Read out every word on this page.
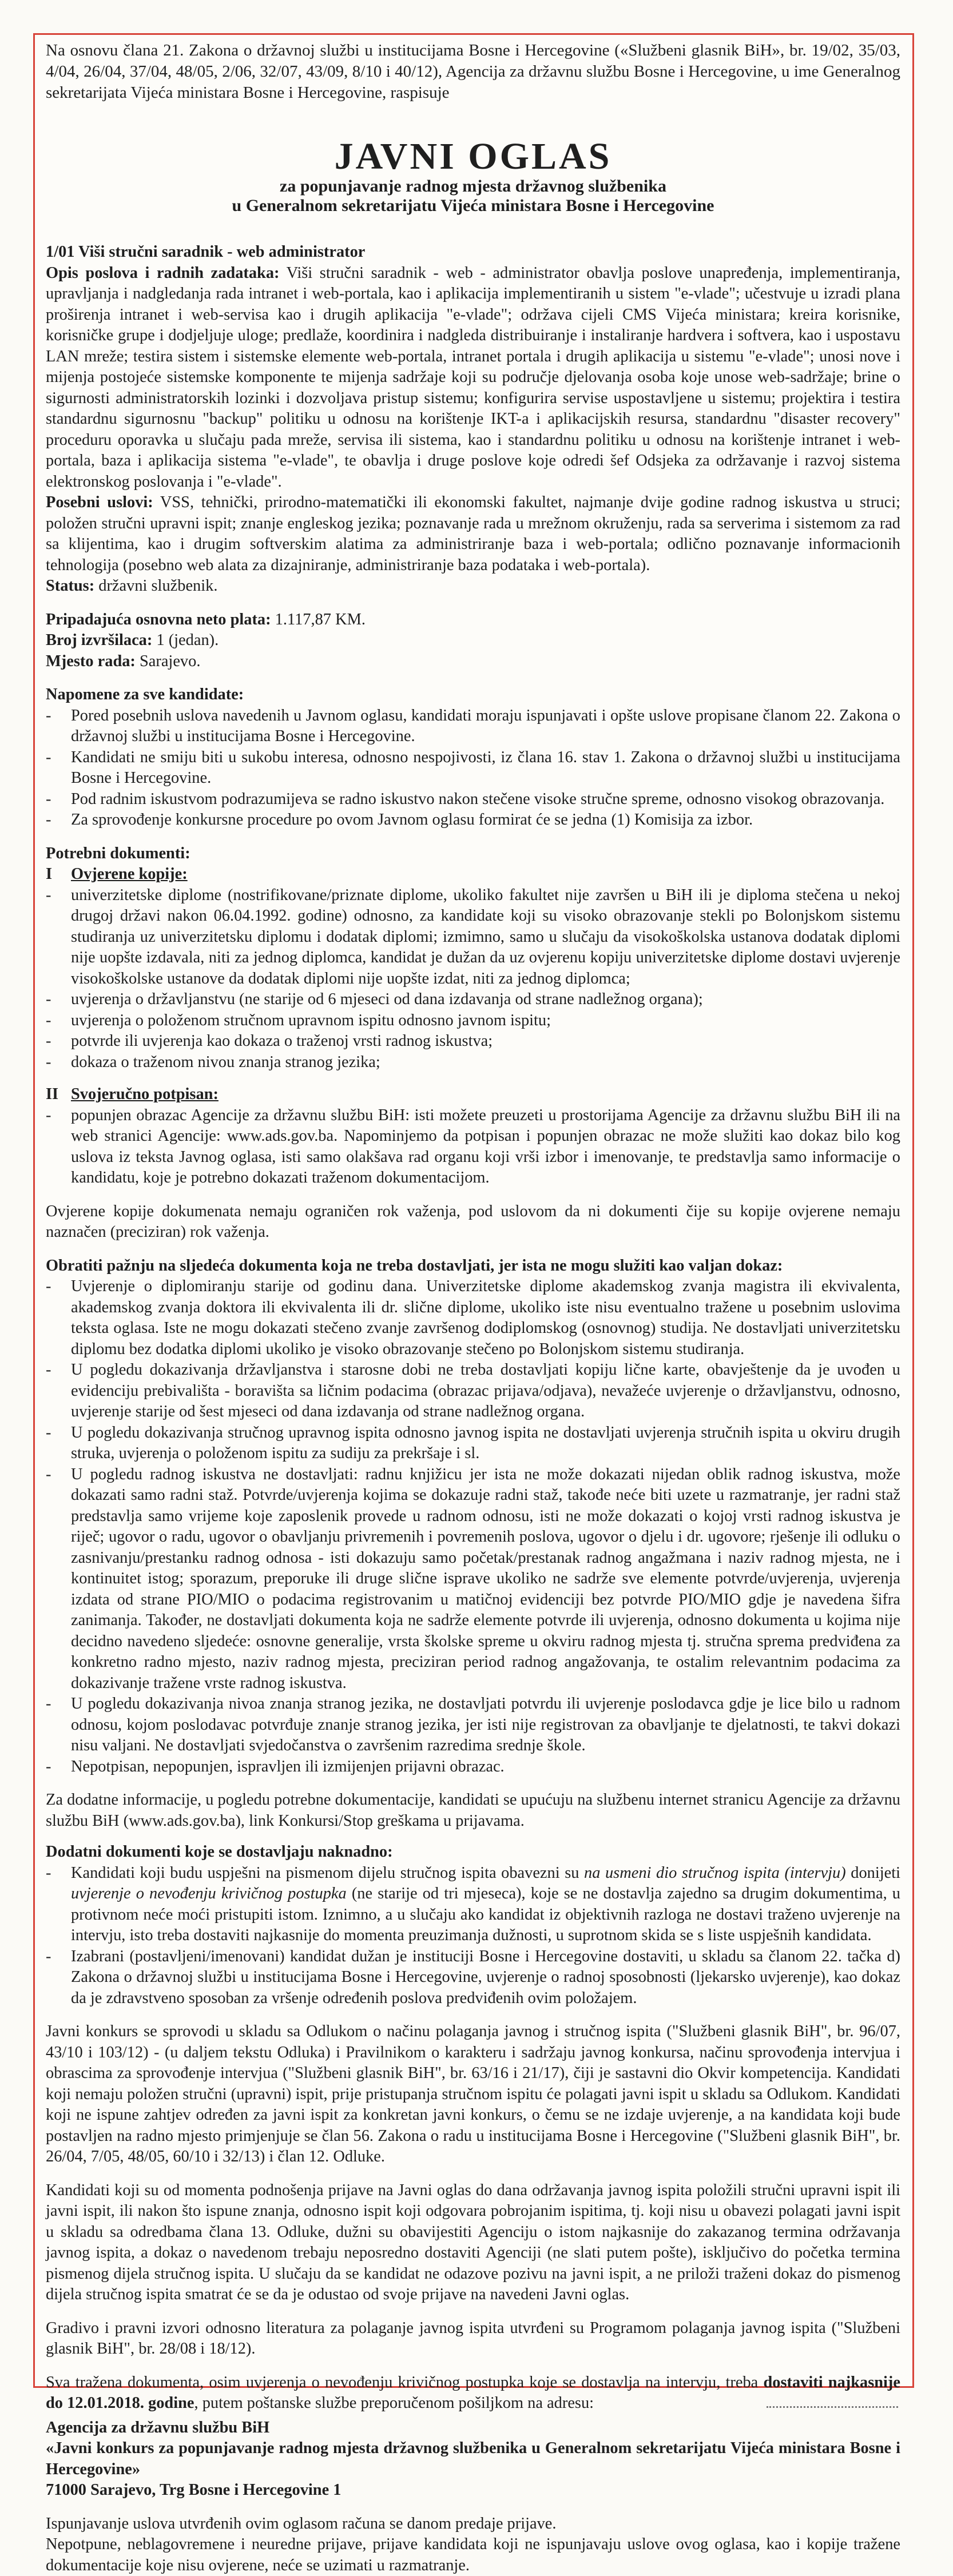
Na osnovu člana 21. Zakona o državnoj službi u institucijama Bosne i Hercegovine («Službeni glasnik BiH», br. 19/02, 35/03, 4/04, 26/04, 37/04, 48/05, 2/06, 32/07, 43/09, 8/10 i 40/12), Agencija za državnu službu Bosne i Hercegovine, u ime Generalnog sekretarijata Vijeća ministara Bosne i Hercegovine, raspisuje

JAVNI OGLAS
za popunjavanje radnog mjesta državnog službenika
u Generalnom sekretarijatu Vijeća ministara Bosne i Hercegovine

1/01 Viši stručni saradnik - web administrator

Opis poslova i radnih zadataka: Viši stručni saradnik - web - administrator obavlja poslove unapređenja, implementiranja, upravljanja i nadgledanja rada intranet i web-portala, kao i aplikacija implementiranih u sistem "e-vlade"; učestvuje u izradi plana proširenja intranet i web-servisa kao i drugih aplikacija "e-vlade"; održava cijeli CMS Vijeća ministara; kreira korisnike, korisničke grupe i dodjeljuje uloge; predlaže, koordinira i nadgleda distribuiranje i instaliranje hardvera i softvera, kao i uspostavu LAN mreže; testira sistem i sistemske elemente web-portala, intranet portala i drugih aplikacija u sistemu "e-vlade"; unosi nove i mijenja postojeće sistemske komponente te mijenja sadržaje koji su područje djelovanja osoba koje unose web-sadržaje; brine o sigurnosti administratorskih lozinki i dozvoljava pristup sistemu; konfigurira servise uspostavljene u sistemu; projektira i testira standardnu sigurnosnu "backup" politiku u odnosu na korištenje IKT-a i aplikacijskih resursa, standardnu "disaster recovery" proceduru oporavka u slučaju pada mreže, servisa ili sistema, kao i standardnu politiku u odnosu na korištenje intranet i web-portala, baza i aplikacija sistema "e-vlade", te obavlja i druge poslove koje odredi šef Odsjeka za održavanje i razvoj sistema elektronskog poslovanja i "e-vlade".

Posebni uslovi: VSS, tehnički, prirodno-matematički ili ekonomski fakultet, najmanje dvije godine radnog iskustva u struci; položen stručni upravni ispit; znanje engleskog jezika; poznavanje rada u mrežnom okruženju, rada sa serverima i sistemom za rad sa klijentima, kao i drugim softverskim alatima za administriranje baza i web-portala; odlično poznavanje informacionih tehnologija (posebno web alata za dizajniranje, administriranje baza podataka i web-portala).

Status: državni službenik.

Pripadajuća osnovna neto plata: 1.117,87 KM.

Broj izvršilaca: 1 (jedan).

Mjesto rada: Sarajevo.

Napomene za sve kandidate:

-	Pored posebnih uslova navedenih u Javnom oglasu, kandidati moraju ispunjavati i opšte uslove propisane članom 22. Zakona o državnoj službi u institucijama Bosne i Hercegovine.
-	Kandidati ne smiju biti u sukobu interesa, odnosno nespojivosti, iz člana 16. stav 1. Zakona o državnoj službi u institucijama Bosne i Hercegovine.
-	Pod radnim iskustvom podrazumijeva se radno iskustvo nakon stečene visoke stručne spreme, odnosno visokog obrazovanja.
-	Za sprovođenje konkursne procedure po ovom Javnom oglasu formirat će se jedna (1) Komisija za izbor.

Potrebni dokumenti:

I	Ovjerene kopije:
-	univerzitetske diplome (nostrifikovane/priznate diplome, ukoliko fakultet nije završen u BiH ili je diploma stečena u nekoj drugoj državi nakon 06.04.1992. godine) odnosno, za kandidate koji su visoko obrazovanje stekli po Bolonjskom sistemu studiranja uz univerzitetsku diplomu i dodatak diplomi; izmimno, samo u slučaju da visokoškolska ustanova dodatak diplomi nije uopšte izdavala, niti za jednog diplomca, kandidat je dužan da uz ovjerenu kopiju univerzitetske diplome dostavi uvjerenje visokoškolske ustanove da dodatak diplomi nije uopšte izdat, niti za jednog diplomca;
-	uvjerenja o državljanstvu (ne starije od 6 mjeseci od dana izdavanja od strane nadležnog organa);
-	uvjerenja o položenom stručnom upravnom ispitu odnosno javnom ispitu;
-	potvrde ili uvjerenja kao dokaza o traženoj vrsti radnog iskustva;
-	dokaza o traženom nivou znanja stranog jezika;
II Svojeručno potpisan:
-	popunjen obrazac Agencije za državnu službu BiH: isti možete preuzeti u prostorijama Agencije za državnu službu BiH ili na web stranici Agencije: www.ads.gov.ba. Napominjemo da potpisan i popunjen obrazac ne može služiti kao dokaz bilo kog uslova iz teksta Javnog oglasa, isti samo olakšava rad organu koji vrši izbor i imenovanje, te predstavlja samo informacije o kandidatu, koje je potrebno dokazati traženom dokumentacijom.

Ovjerene kopije dokumenata nemaju ograničen rok važenja, pod uslovom da ni dokumenti čije su kopije ovjerene nemaju naznačen (preciziran) rok važenja.

Obratiti pažnju na sljedeća dokumenta koja ne treba dostavljati, jer ista ne mogu služiti kao valjan dokaz:

-	Uvjerenje o diplomiranju starije od godinu dana. Univerzitetske diplome akademskog zvanja magistra ili ekvivalenta, akademskog zvanja doktora ili ekvivalenta ili dr. slične diplome, ukoliko iste nisu eventualno tražene u posebnim uslovima teksta oglasa. Iste ne mogu dokazati stečeno zvanje završenog dodiplomskog (osnovnog) studija. Ne dostavljati univerzitetsku diplomu bez dodatka diplomi ukoliko je visoko obrazovanje stečeno po Bolonjskom sistemu studiranja.
-	U pogledu dokazivanja državljanstva i starosne dobi ne treba dostavljati kopiju lične karte, obavještenje da je uvođen u evidenciju prebivališta - boravišta sa ličnim podacima (obrazac prijava/odjava), nevažeće uvjerenje o državljanstvu, odnosno, uvjerenje starije od šest mjeseci od dana izdavanja od strane nadležnog organa.
-	U pogledu dokazivanja stručnog upravnog ispita odnosno javnog ispita ne dostavljati uvjerenja stručnih ispita u okviru drugih struka, uvjerenja o položenom ispitu za sudiju za prekršaje i sl.
-	U pogledu radnog iskustva ne dostavljati: radnu knjižicu jer ista ne može dokazati nijedan oblik radnog iskustva, može dokazati samo radni staž. Potvrde/uvjerenja kojima se dokazuje radni staž, takođe neće biti uzete u razmatranje, jer radni staž predstavlja samo vrijeme koje zaposlenik provede u radnom odnosu, isti ne može dokazati o kojoj vrsti radnog iskustva je riječ; ugovor o radu, ugovor o obavljanju privremenih i povremenih poslova, ugovor o djelu i dr. ugovore; rješenje ili odluku o zasnivanju/prestanku radnog odnosa - isti dokazuju samo početak/prestanak radnog angažmana i naziv radnog mjesta, ne i kontinuitet istog; sporazum, preporuke ili druge slične isprave ukoliko ne sadrže sve elemente potvrde/uvjerenja, uvjerenja izdata od strane PIO/MIO o podacima registrovanim u matičnoj evidenciji bez potvrde PIO/MIO gdje je navedena šifra zanimanja. Također, ne dostavljati dokumenta koja ne sadrže elemente potvrde ili uvjerenja, odnosno dokumenta u kojima nije decidno navedeno sljedeće: osnovne generalije, vrsta školske spreme u okviru radnog mjesta tj. stručna sprema predviđena za konkretno radno mjesto, naziv radnog mjesta, preciziran period radnog angažovanja, te ostalim relevantnim podacima za dokazivanje tražene vrste radnog iskustva.
-	U pogledu dokazivanja nivoa znanja stranog jezika, ne dostavljati potvrdu ili uvjerenje poslodavca gdje je lice bilo u radnom odnosu, kojom poslodavac potvrđuje znanje stranog jezika, jer isti nije registrovan za obavljanje te djelatnosti, te takvi dokazi nisu valjani. Ne dostavljati svjedočanstva o završenim razredima srednje škole.
-	Nepotpisan, nepopunjen, ispravljen ili izmijenjen prijavni obrazac.

Za dodatne informacije, u pogledu potrebne dokumentacije, kandidati se upućuju na službenu internet stranicu Agencije za državnu službu BiH (www.ads.gov.ba), link Konkursi/Stop greškama u prijavama.

Dodatni dokumenti koje se dostavljaju naknadno:

-	Kandidati koji budu uspješni na pismenom dijelu stručnog ispita obavezni su na usmeni dio stručnog ispita (intervju) donijeti uvjerenje o nevođenju krivičnog postupka (ne starije od tri mjeseca), koje se ne dostavlja zajedno sa drugim dokumentima, u protivnom neće moći pristupiti istom. Iznimno, a u slučaju ako kandidat iz objektivnih razloga ne dostavi traženo uvjerenje na intervju, isto treba dostaviti najkasnije do momenta preuzimanja dužnosti, u suprotnom skida se s liste uspješnih kandidata.
-	Izabrani (postavljeni/imenovani) kandidat dužan je instituciji Bosne i Hercegovine dostaviti, u skladu sa članom 22. tačka d) Zakona o državnoj službi u institucijama Bosne i Hercegovine, uvjerenje o radnoj sposobnosti (ljekarsko uvjerenje), kao dokaz da je zdravstveno sposoban za vršenje određenih poslova predviđenih ovim položajem.

Javni konkurs se sprovodi u skladu sa Odlukom o načinu polaganja javnog i stručnog ispita ("Službeni glasnik BiH", br. 96/07, 43/10 i 103/12) - (u daljem tekstu Odluka) i Pravilnikom o karakteru i sadržaju javnog konkursa, načinu sprovođenja intervjua i obrascima za sprovođenje intervjua ("Službeni glasnik BiH", br. 63/16 i 21/17), čiji je sastavni dio Okvir kompetencija. Kandidati koji nemaju položen stručni (upravni) ispit, prije pristupanja stručnom ispitu će polagati javni ispit u skladu sa Odlukom. Kandidati koji ne ispune zahtjev određen za javni ispit za konkretan javni konkurs, o čemu se ne izdaje uvjerenje, a na kandidata koji bude postavljen na radno mjesto primjenjuje se član 56. Zakona o radu u institucijama Bosne i Hercegovine ("Službeni glasnik BiH", br. 26/04, 7/05, 48/05, 60/10 i 32/13) i član 12. Odluke.

Kandidati koji su od momenta podnošenja prijave na Javni oglas do dana održavanja javnog ispita položili stručni upravni ispit ili javni ispit, ili nakon što ispune znanja, odnosno ispit koji odgovara pobrojanim ispitima, tj. koji nisu u obavezi polagati javni ispit u skladu sa odredbama člana 13. Odluke, dužni su obavijestiti Agenciju o istom najkasnije do zakazanog termina održavanja javnog ispita, a dokaz o navedenom trebaju neposredno dostaviti Agenciji (ne slati putem pošte), isključivo do početka termina pismenog dijela stručnog ispita. U slučaju da se kandidat ne odazove pozivu na javni ispit, a ne priloži traženi dokaz do pismenog dijela stručnog ispita smatrat će se da je odustao od svoje prijave na navedeni Javni oglas.

Gradivo i pravni izvori odnosno literatura za polaganje javnog ispita utvrđeni su Programom polaganja javnog ispita ("Službeni glasnik BiH", br. 28/08 i 18/12).

Sva tražena dokumenta, osim uvjerenja o nevođenju krivičnog postupka koje se dostavlja na intervju, treba dostaviti najkasnije do 12.01.2018. godine, putem poštanske službe preporučenom pošiljkom na adresu:

Agencija za državnu službu BiH

«Javni konkurs za popunjavanje radnog mjesta državnog službenika u Generalnom sekretarijatu Vijeća ministara Bosne i Hercegovine»

71000 Sarajevo, Trg Bosne i Hercegovine 1

Ispunjavanje uslova utvrđenih ovim oglasom računa se danom predaje prijave.

Nepotpune, neblagovremene i neuredne prijave, prijave kandidata koji ne ispunjavaju uslove ovog oglasa, kao i kopije tražene dokumentacije koje nisu ovjerene, neće se uzimati u razmatranje.
